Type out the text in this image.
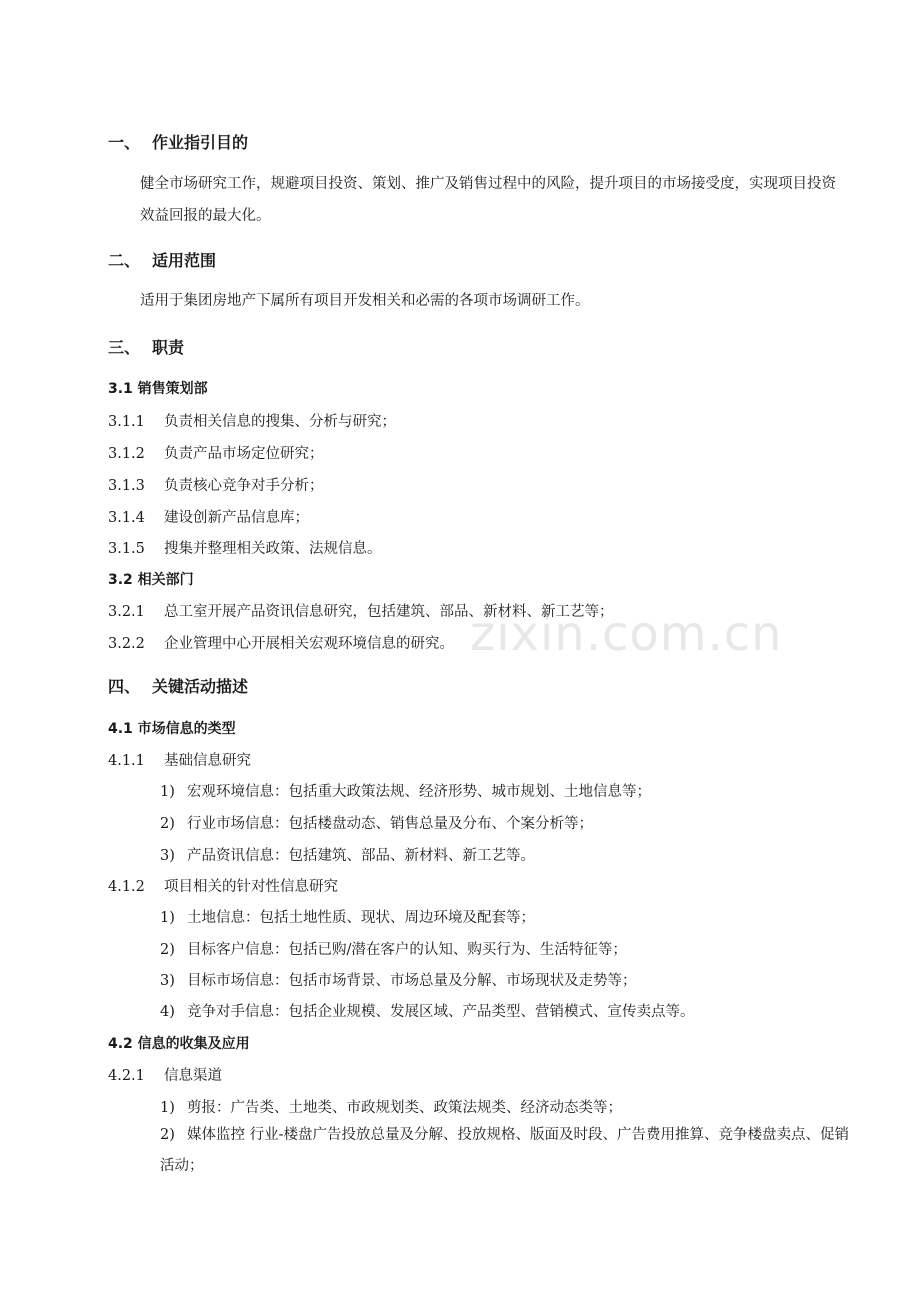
zixin.com.cn
一、 作业指引目的
健全市场研究工作，规避项目投资、策划、推广及销售过程中的风险，提升项目的市场接受度，实现项目投资效益回报的最大化。
二、 适用范围
适用于集团房地产下属所有项目开发相关和必需的各项市场调研工作。
三、 职责
3.1 销售策划部
3.1.1 负责相关信息的搜集、分析与研究；
3.1.2 负责产品市场定位研究；
3.1.3 负责核心竞争对手分析；
3.1.4 建设创新产品信息库；
3.1.5 搜集并整理相关政策、法规信息。
3.2 相关部门
3.2.1 总工室开展产品资讯信息研究，包括建筑、部品、新材料、新工艺等；
3.2.2 企业管理中心开展相关宏观环境信息的研究。
四、 关键活动描述
4.1 市场信息的类型
4.1.1 基础信息研究
1) 宏观环境信息：包括重大政策法规、经济形势、城市规划、土地信息等；
2) 行业市场信息：包括楼盘动态、销售总量及分布、个案分析等；
3) 产品资讯信息：包括建筑、部品、新材料、新工艺等。
4.1.2 项目相关的针对性信息研究
1) 土地信息：包括土地性质、现状、周边环境及配套等；
2) 目标客户信息：包括已购/潜在客户的认知、购买行为、生活特征等；
3) 目标市场信息：包括市场背景、市场总量及分解、市场现状及走势等；
4) 竞争对手信息：包括企业规模、发展区域、产品类型、营销模式、宣传卖点等。
4.2 信息的收集及应用
4.2.1 信息渠道
1) 剪报：广告类、土地类、市政规划类、政策法规类、经济动态类等；
2) 媒体监控 行业-楼盘广告投放总量及分解、投放规格、版面及时段、广告费用推算、竞争楼盘卖点、促销活动；
